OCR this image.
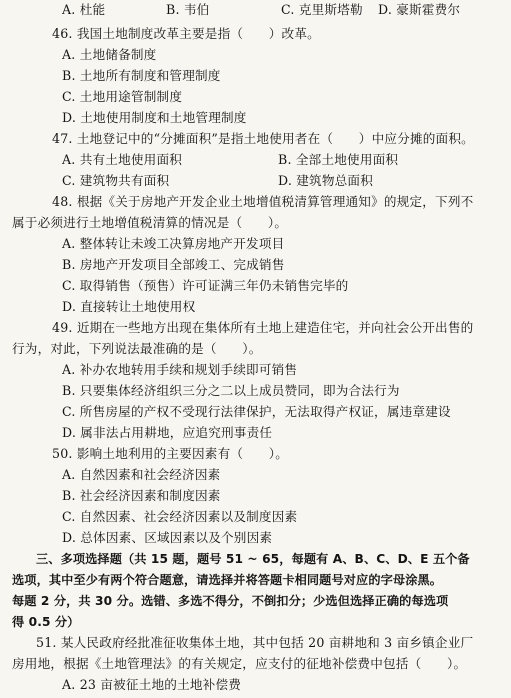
A. 杜能	B. 韦伯	C. 克里斯塔勒 D. 豪斯霍费尔
46. 我国土地制度改革主要是指（　　）改革。
A. 土地储备制度
B. 土地所有制度和管理制度
C. 土地用途管制制度
D. 土地使用制度和土地管理制度
47. 土地登记中的“分摊面积”是指土地使用者在（　　）中应分摊的面积。
A. 共有土地使用面积	B. 全部土地使用面积
C. 建筑物共有面积	D. 建筑物总面积
48. 根据《关于房地产开发企业土地增值税清算管理通知》的规定，下列不
属于必须进行土地增值税清算的情况是（　　）。
A. 整体转让未竣工决算房地产开发项目
B. 房地产开发项目全部竣工、完成销售
C. 取得销售（预售）许可证满三年仍未销售完毕的
D. 直接转让土地使用权
49. 近期在一些地方出现在集体所有土地上建造住宅，并向社会公开出售的
行为，对此，下列说法最准确的是（　　）。
A. 补办农地转用手续和规划手续即可销售
B. 只要集体经济组织三分之二以上成员赞同，即为合法行为
C. 所售房屋的产权不受现行法律保护，无法取得产权证，属违章建设
D. 属非法占用耕地，应追究刑事责任
50. 影响土地利用的主要因素有（　　）。
A. 自然因素和社会经济因素
B. 社会经济因素和制度因素
C. 自然因素、社会经济因素以及制度因素
D. 总体因素、区域因素以及个别因素
三、多项选择题（共 15 题，题号 51 ~ 65，每题有 A、B、C、D、E 五个备
选项，其中至少有两个符合题意，请选择并将答题卡相同题号对应的字母涂黑。
每题 2 分，共 30 分。选错、多选不得分，不倒扣分；少选但选择正确的每选项
得 0.5 分）
51. 某人民政府经批准征收集体土地，其中包括 20 亩耕地和 3 亩乡镇企业厂
房用地，根据《土地管理法》的有关规定，应支付的征地补偿费中包括（　　）。
A. 23 亩被征土地的土地补偿费
